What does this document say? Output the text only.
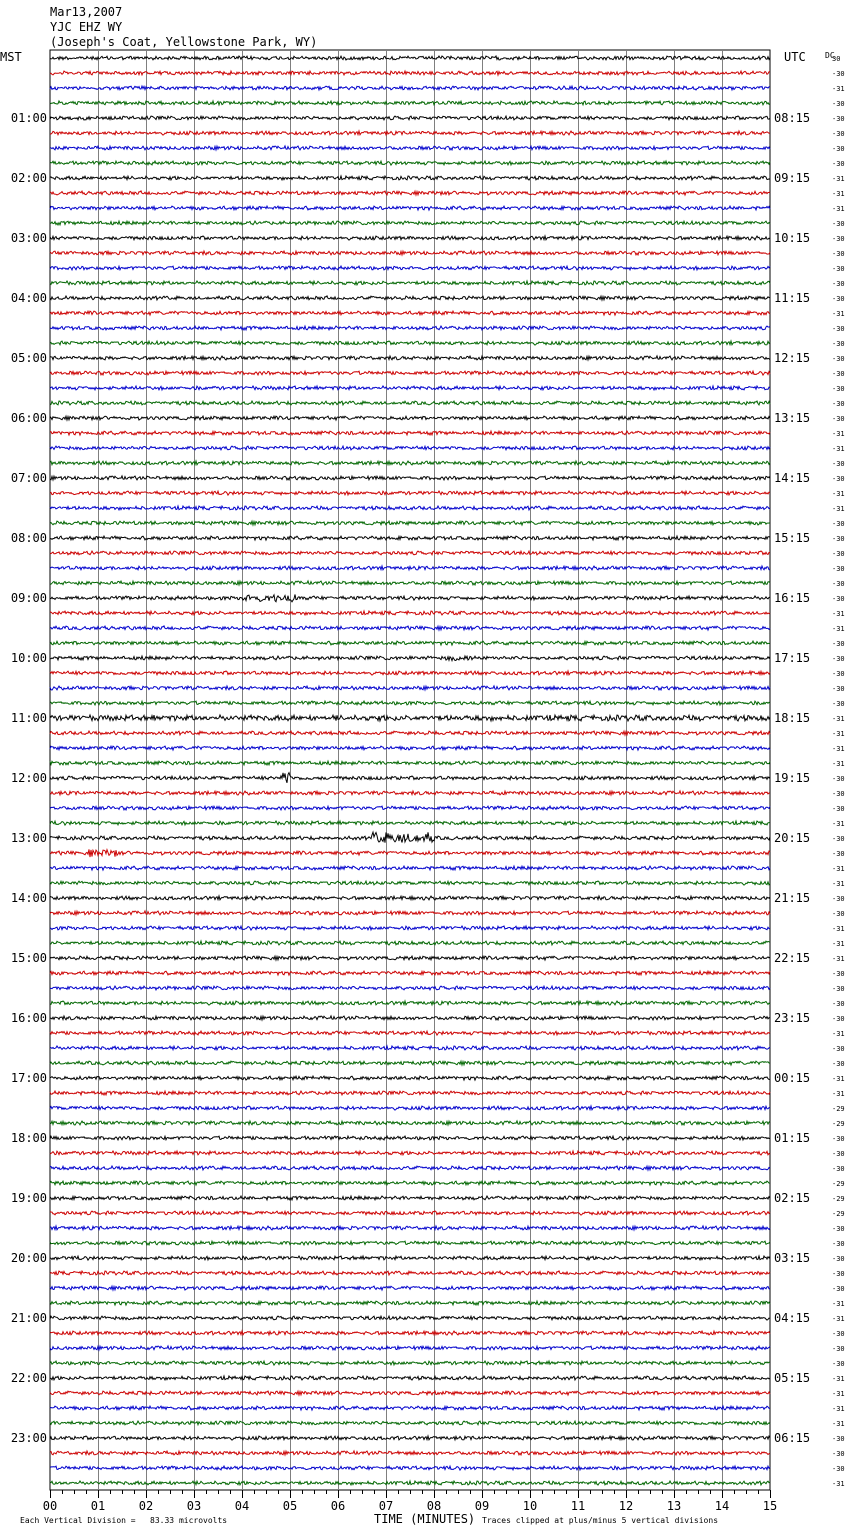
Mar13,2007
YJC EHZ WY
(Joseph's Coat, Yellowstone Park, WY)
MST	UTC DC
30
-30
-31
-30
-30
-30
-30
-30
-31
-31
-31
-30
-30
-30
-30
-30
-30
-31
-30
-30
-30
-30
-30
-30
-30
-31
-31
-30
-30
-31
-31
-30
-30
-30
-30
-30
-30
-31
-31
-30
-30
-30
-30
-30
-31
-31
-31
-31
-30
-30
-30
-31
-30
-30
-31
-31
-30
-30
-31
-31
-31
-30
-30
-30
-30
-31
-30
-30
-31
-31
-29
-29
-30
-30
-30
-29
-29
-29
-30
-30
-30
-30
-30
-31
-31
-30
-30
-30
-31
-31
-31
-31
-30
-30
-30
-31
01:00
02:00
03:00
04:00
05:00
06:00
07:00
08:00
09:00
10:00
11:00
12:00
13:00
14:00
15:00
16:00
17:00
18:00
19:00
20:00
21:00
22:00
23:00
08:15
09:15
10:15
11:15
12:15
13:15
14:15
15:15
16:15
17:15
18:15
19:15
20:15
21:15
22:15
23:15
00:15
01:15
02:15
03:15
04:15
05:15
06:15
00	01	02	03	04	05	06	07	08	09	10	11	12	13	14	15
Each Vertical Division =   83.33 microvolts	TIME (MINUTES) Traces clipped at plus/minus 5 vertical divisions
